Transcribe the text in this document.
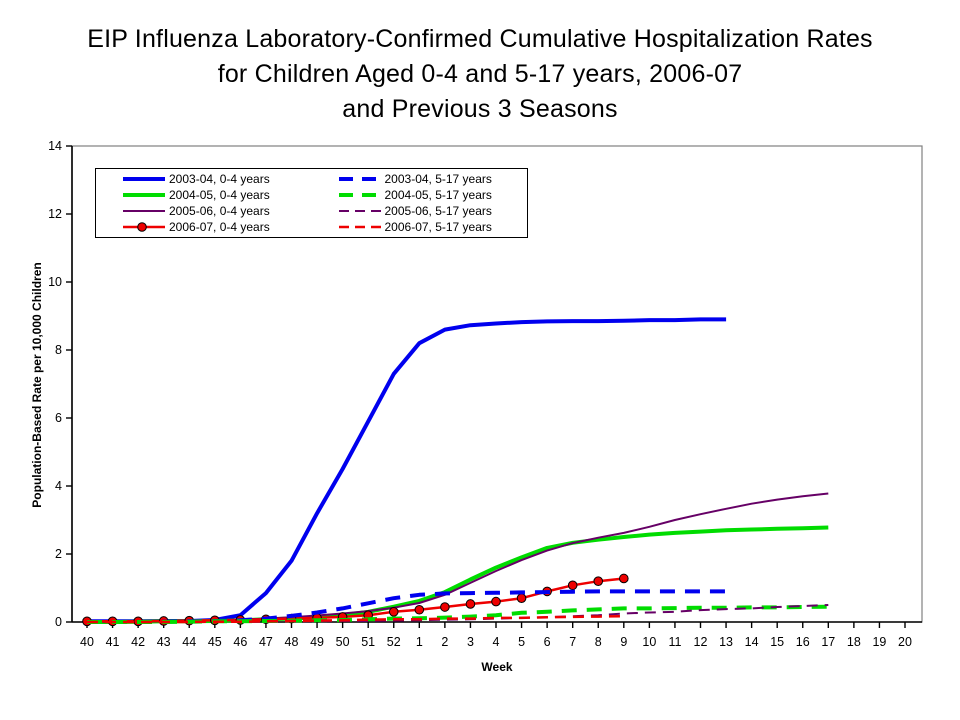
EIP Influenza Laboratory-Confirmed Cumulative Hospitalization Rates
for Children Aged 0-4 and 5-17 years, 2006-07
and Previous 3 Seasons
Population-Based Rate per 10,000 Children
0
2
4
6
8
10
12
14
40 41 42 43 44 45 46 47 48 49 50 51 52 1 2 3 4 5 6 7 8 9 10 11 12 13 14 15 16 17 18 19 20
2003-04, 0-4 years
2004-05, 0-4 years
2005-06, 0-4 years
2006-07, 0-4 years
2003-04, 5-17 years
2004-05, 5-17 years
2005-06, 5-17 years
2006-07, 5-17 years
Week
